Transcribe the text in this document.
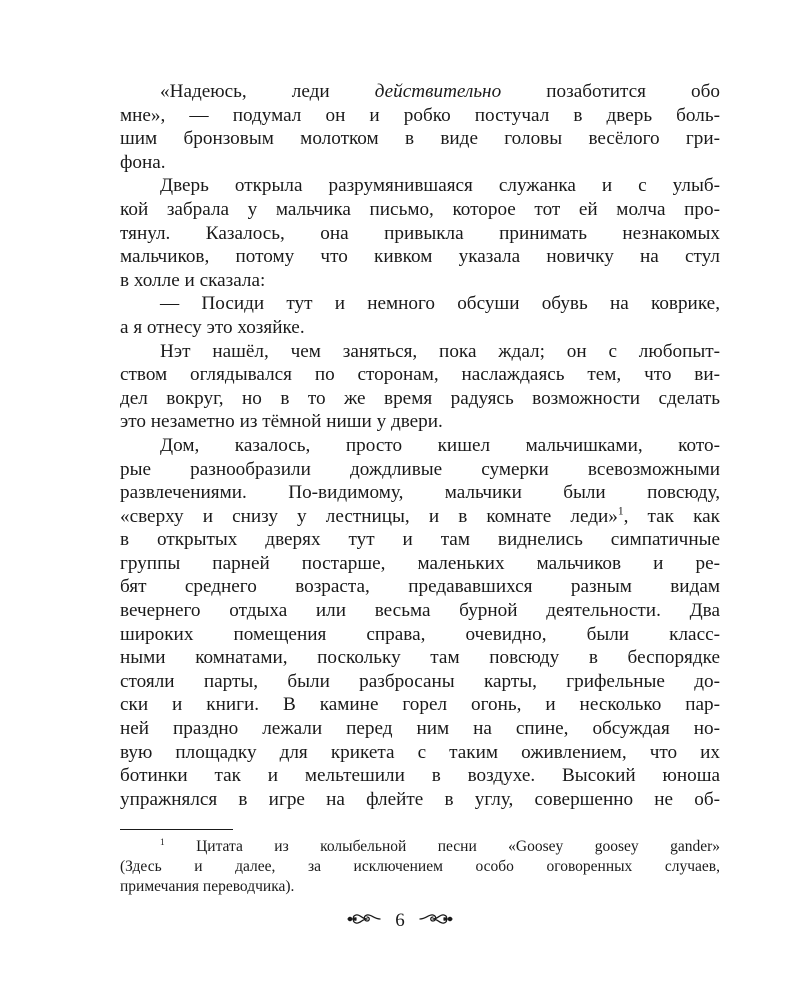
«Надеюсь, леди действительно позаботится обо
мне», — подумал он и робко постучал в дверь боль-
шим бронзовым молотком в виде головы весёлого гри-
фона.
Дверь открыла разрумянившаяся служанка и с улыб-
кой забрала у мальчика письмо, которое тот ей молча про-
тянул. Казалось, она привыкла принимать незнакомых
мальчиков, потому что кивком указала новичку на стул
в холле и сказала:
— Посиди тут и немного обсуши обувь на коврике,
а я отнесу это хозяйке.
Нэт нашёл, чем заняться, пока ждал; он с любопыт-
ством оглядывался по сторонам, наслаждаясь тем, что ви-
дел вокруг, но в то же время радуясь возможности сделать
это незаметно из тёмной ниши у двери.
Дом, казалось, просто кишел мальчишками, кото-
рые разнообразили дождливые сумерки всевозможными
развлечениями. По-видимому, мальчики были повсюду,
«сверху и снизу у лестницы, и в комнате леди»$^1$, так как
в открытых дверях тут и там виднелись симпатичные
группы парней постарше, маленьких мальчиков и ре-
бят среднего возраста, предававшихся разным видам
вечернего отдыха или весьма бурной деятельности. Два
широких помещения справа, очевидно, были класс-
ными комнатами, поскольку там повсюду в беспорядке
стояли парты, были разбросаны карты, грифельные до-
ски и книги. В камине горел огонь, и несколько пар-
ней праздно лежали перед ним на спине, обсуждая но-
вую площадку для крикета с таким оживлением, что их
ботинки так и мельтешили в воздухе. Высокий юноша
упражнялся в игре на флейте в углу, совершенно не об-
$^1$ Цитата из колыбельной песни «Goosey goosey gander»
(Здесь и далее, за исключением особо оговоренных случаев,
примечания переводчика).
6
